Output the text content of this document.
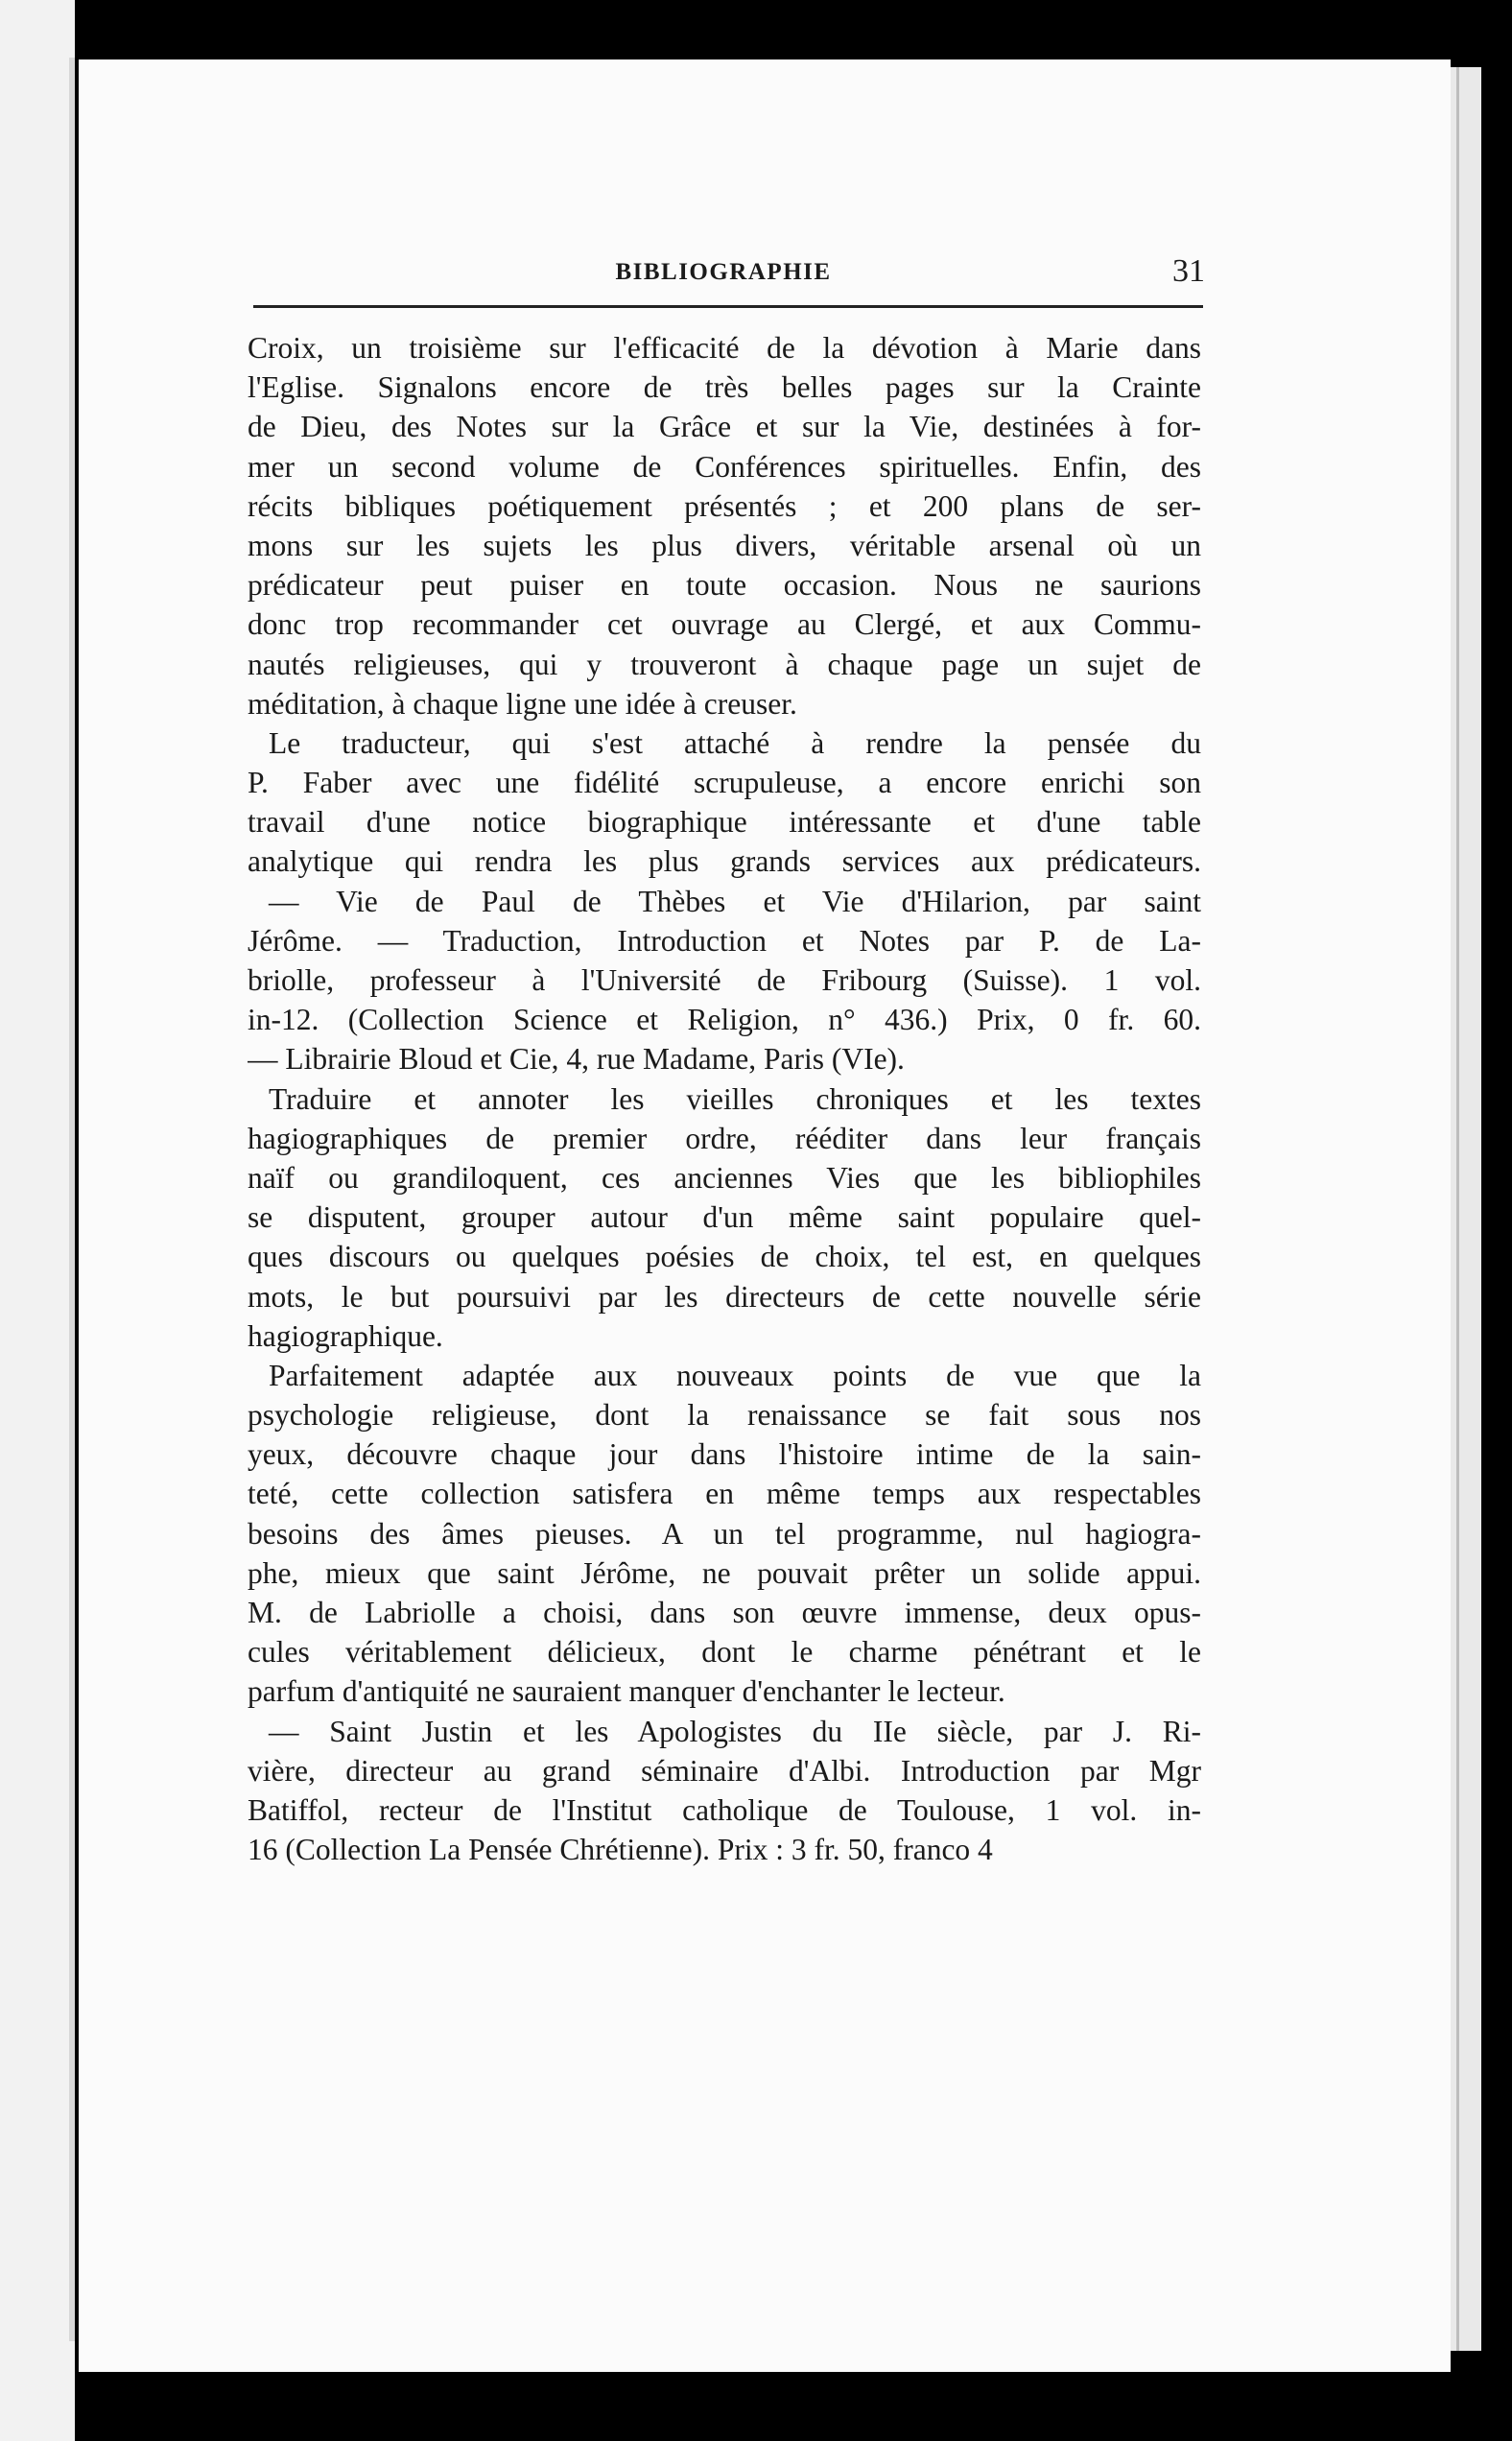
BIBLIOGRAPHIE	31
Croix, un troisième sur l'efficacité de la dévotion à Marie dans
l'Eglise. Signalons encore de très belles pages sur la Crainte
de Dieu, des Notes sur la Grâce et sur la Vie, destinées à for-
mer un second volume de Conférences spirituelles. Enfin, des
récits bibliques poétiquement présentés ; et 200 plans de ser-
mons sur les sujets les plus divers, véritable arsenal où un
prédicateur peut puiser en toute occasion. Nous ne saurions
donc trop recommander cet ouvrage au Clergé, et aux Commu-
nautés religieuses, qui y trouveront à chaque page un sujet de
méditation, à chaque ligne une idée à creuser.
Le traducteur, qui s'est attaché à rendre la pensée du
P. Faber avec une fidélité scrupuleuse, a encore enrichi son
travail d'une notice biographique intéressante et d'une table
analytique qui rendra les plus grands services aux prédicateurs.
— Vie de Paul de Thèbes et Vie d'Hilarion, par saint
Jérôme. — Traduction, Introduction et Notes par P. de La-
briolle, professeur à l'Université de Fribourg (Suisse). 1 vol.
in-12. (Collection Science et Religion, n° 436.) Prix, 0 fr. 60.
— Librairie Bloud et Cie, 4, rue Madame, Paris (VIe).
Traduire et annoter les vieilles chroniques et les textes
hagiographiques de premier ordre, rééditer dans leur français
naïf ou grandiloquent, ces anciennes Vies que les bibliophiles
se disputent, grouper autour d'un même saint populaire quel-
ques discours ou quelques poésies de choix, tel est, en quelques
mots, le but poursuivi par les directeurs de cette nouvelle série
hagiographique.
Parfaitement adaptée aux nouveaux points de vue que la
psychologie religieuse, dont la renaissance se fait sous nos
yeux, découvre chaque jour dans l'histoire intime de la sain-
teté, cette collection satisfera en même temps aux respectables
besoins des âmes pieuses. A un tel programme, nul hagiogra-
phe, mieux que saint Jérôme, ne pouvait prêter un solide appui.
M. de Labriolle a choisi, dans son œuvre immense, deux opus-
cules véritablement délicieux, dont le charme pénétrant et le
parfum d'antiquité ne sauraient manquer d'enchanter le lecteur.
— Saint Justin et les Apologistes du IIe siècle, par J. Ri-
vière, directeur au grand séminaire d'Albi. Introduction par Mgr
Batiffol, recteur de l'Institut catholique de Toulouse, 1 vol. in-
16 (Collection La Pensée Chrétienne). Prix : 3 fr. 50, franco 4
